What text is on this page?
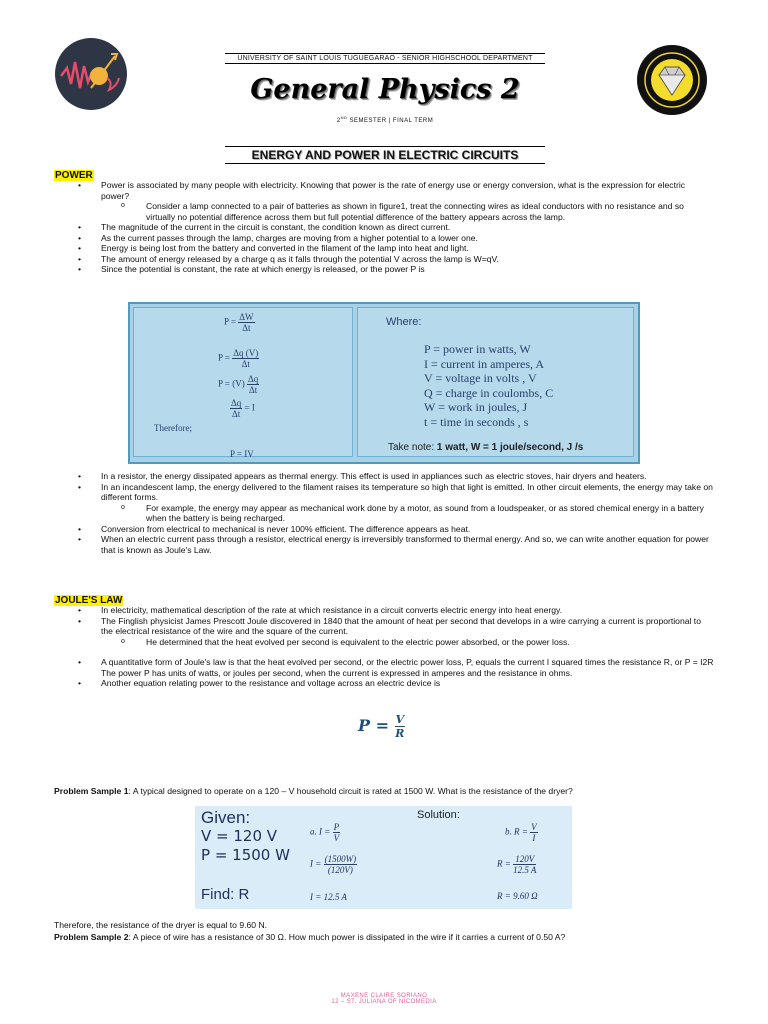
UNIVERSITY OF SAINT LOUIS TUGUEGARAO - SENIOR HIGHSCHOOL DEPARTMENT
General Physics 2
2ND SEMESTER | FINAL TERM
ENERGY AND POWER IN ELECTRIC CIRCUITS
POWER
• Power is associated by many people with electricity. Knowing that power is the rate of energy use or energy conversion, what is the expression for electric power?
o Consider a lamp connected to a pair of batteries as shown in figure1, treat the connecting wires as ideal conductors with no resistance and so virtually no potential difference across them but full potential difference of the battery appears across the lamp.
• The magnitude of the current in the circuit is constant, the condition known as direct current.
• As the current passes through the lamp, charges are moving from a higher potential to a lower one.
• Energy is being lost from the battery and converted in the filament of the lamp into heat and light.
• The amount of energy released by a charge q as it falls through the potential V across the lamp is W=qV.
• Since the potential is constant, the rate at which energy is released, or the power P is
$P = \frac{\Delta W}{\Delta t}$
$P = \frac{\Delta q (V)}{\Delta t}$
$P = (V) \frac{\Delta q}{\Delta t}$
$\frac{\Delta q}{\Delta t} = I$
Therefore;
P = IV
Where:
P = power in watts, W
I = current in amperes, A
V = voltage in volts , V
Q = charge in coulombs, C
W = work in joules, J
t = time in seconds , s
Take note: 1 watt, W = 1 joule/second, J /s
• In a resistor, the energy dissipated appears as thermal energy. This effect is used in appliances such as electric stoves, hair dryers and heaters.
• In an incandescent lamp, the energy delivered to the filament raises its temperature so high that light is emitted. In other circuit elements, the energy may take on different forms.
o For example, the energy may appear as mechanical work done by a motor, as sound from a loudspeaker, or as stored chemical energy in a battery when the battery is being recharged.
• Conversion from electrical to mechanical is never 100% efficient. The difference appears as heat.
• When an electric current pass through a resistor, electrical energy is irreversibly transformed to thermal energy. And so, we can write another equation for power that is known as Joule's Law.
JOULE'S LAW
• In electricity, mathematical description of the rate at which resistance in a circuit converts electric energy into heat energy.
• The Finglish physicist James Prescott Joule discovered in 1840 that the amount of heat per second that develops in a wire carrying a current is proportional to the electrical resistance of the wire and the square of the current.
o He determined that the heat evolved per second is equivalent to the electric power absorbed, or the power loss.
• A quantitative form of Joule's law is that the heat evolved per second, or the electric power loss, P, equals the current I squared times the resistance R, or P = I2R The power P has units of watts, or joules per second, when the current is expressed in amperes and the resistance in ohms.
• Another equation relating power to the resistance and voltage across an electric device is
$P = \frac{V}{R}$
Problem Sample 1: A typical designed to operate on a 120 – V household circuit is rated at 1500 W. What is the resistance of the dryer?
Given:
V = 120 V
P = 1500 W
Find: R
Solution:
a. $I = \frac{P}{V}$
$I = \frac{(1500W)}{(120V)}$
I = 12.5 A
b. $R = \frac{V}{I}$
$R = \frac{120V}{12.5 A}$
R = 9.60 Ω
Therefore, the resistance of the dryer is equal to 9.60 N.
Problem Sample 2: A piece of wire has a resistance of 30 Ω. How much power is dissipated in the wire if it carries a current of 0.50 A?
MAXENE CLAIRE SORIANO
12 – ST. JULIANA OF NICOMEDIA
